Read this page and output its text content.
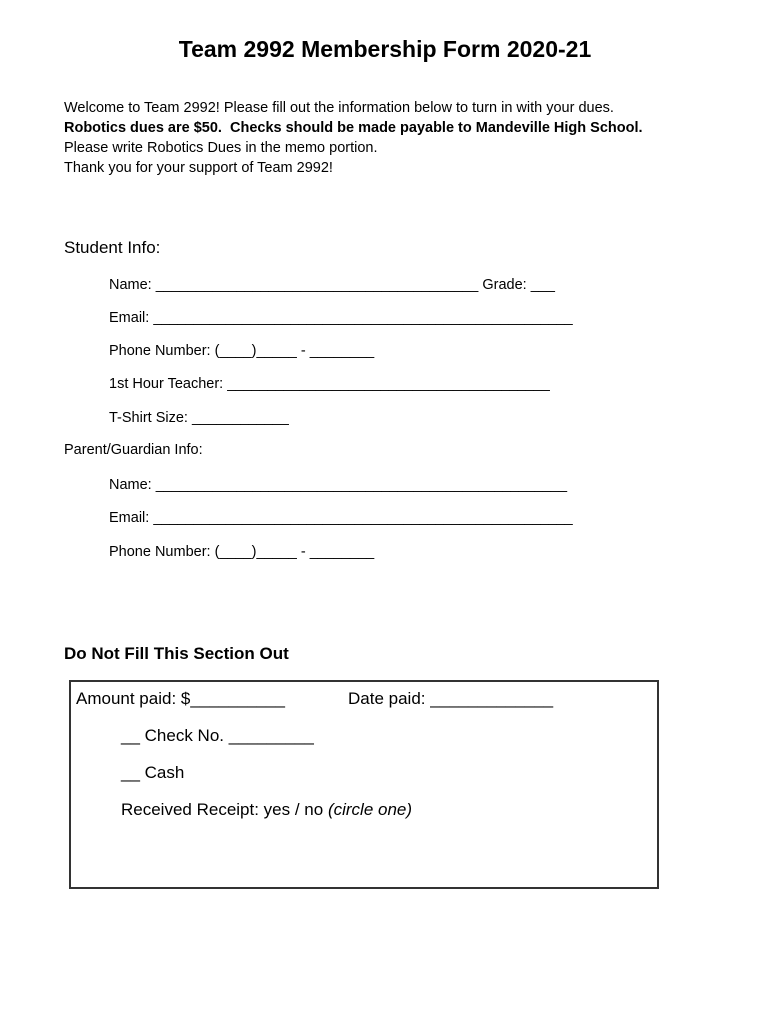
Team 2992 Membership Form 2020-21
Welcome to Team 2992! Please fill out the information below to turn in with your dues.
Robotics dues are $50.  Checks should be made payable to Mandeville High School.
Please write Robotics Dues in the memo portion.
Thank you for your support of Team 2992!
Student Info:
Name: ________________________________________ Grade: ___
Email: ____________________________________________________
Phone Number: (____)_____ - ________
1st Hour Teacher: ________________________________________
T-Shirt Size: ____________
Parent/Guardian Info:
Name: ___________________________________________________
Email: ____________________________________________________
Phone Number: (____)_____ - ________
Do Not Fill This Section Out
Amount paid: $__________	Date paid: _____________
__ Check No. _________
__ Cash
Received Receipt: yes / no (circle one)
